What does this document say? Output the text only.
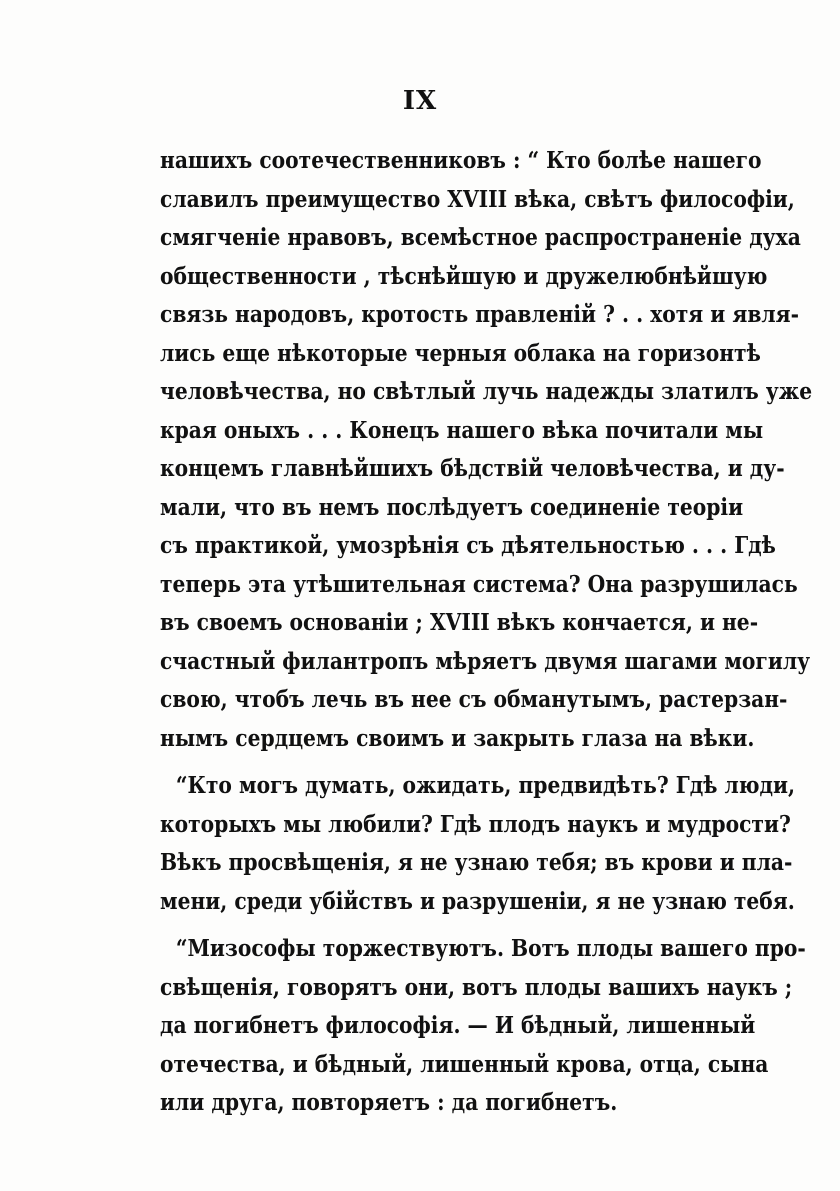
IX
нашихъ соотечественниковъ : “ Кто болѣе нашего
славилъ преимущество XVIII вѣка, свѣтъ философіи,
смягченіе нравовъ, всемѣстное распространеніе духа
общественности , тѣснѣйшую и дружелюбнѣйшую
связь народовъ, кротость правленій ? . . хотя и явля-
лись еще нѣкоторые черныя облака на горизонтѣ
человѣчества, но свѣтлый лучь надежды златилъ уже
края оныхъ . . . Конецъ нашего вѣка почитали мы
концемъ главнѣйшихъ бѣдствій человѣчества, и ду-
мали, что въ немъ послѣдуетъ соединеніе теоріи
съ практикой, умозрѣнія съ дѣятельностью . . . Гдѣ
теперь эта утѣшительная система? Она разрушилась
въ своемъ основаніи ; XVIII вѣкъ кончается, и не-
счастный филантропъ мѣряетъ двумя шагами могилу
свою, чтобъ лечь въ нее съ обманутымъ, растерзан-
нымъ сердцемъ своимъ и закрыть глаза на вѣки.
“Кто могъ думать, ожидать, предвидѣть? Гдѣ люди,
которыхъ мы любили? Гдѣ плодъ наукъ и мудрости?
Вѣкъ просвѣщенія, я не узнаю тебя; въ крови и пла-
мени, среди убійствъ и разрушеніи, я не узнаю тебя.
“Мизософы торжествуютъ. Вотъ плоды вашего про-
свѣщенія, говорятъ они, вотъ плоды вашихъ наукъ ;
да погибнетъ философія. — И бѣдный, лишенный
отечества, и бѣдный, лишенный крова, отца, сына
или друга, повторяетъ : да погибнетъ.
